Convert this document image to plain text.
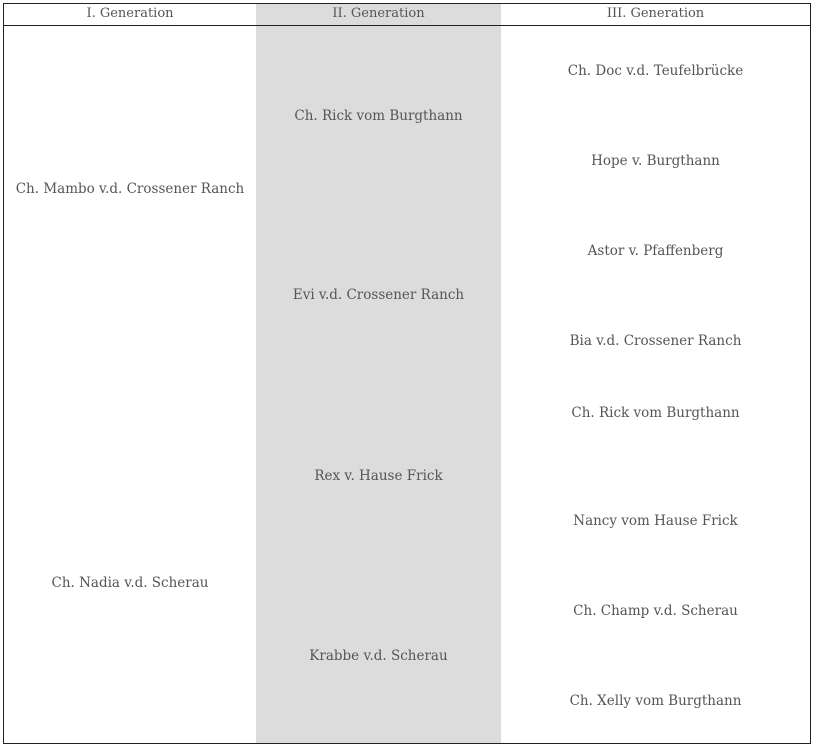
Ch. Mambo v.d. Crossener Ranch
Ch. Nadia v.d. Scherau
Ch. Rick vom Burgthann
Evi v.d. Crossener Ranch
Rex v. Hause Frick
Krabbe v.d. Scherau
Ch. Doc v.d. Teufelbrücke
Hope v. Burgthann
Astor v. Pfaffenberg
Bia v.d. Crossener Ranch
Ch. Rick vom Burgthann
Nancy vom Hause Frick
Ch. Champ v.d. Scherau
Ch. Xelly vom Burgthann
I. Generation	II. Generation	III. Generation
